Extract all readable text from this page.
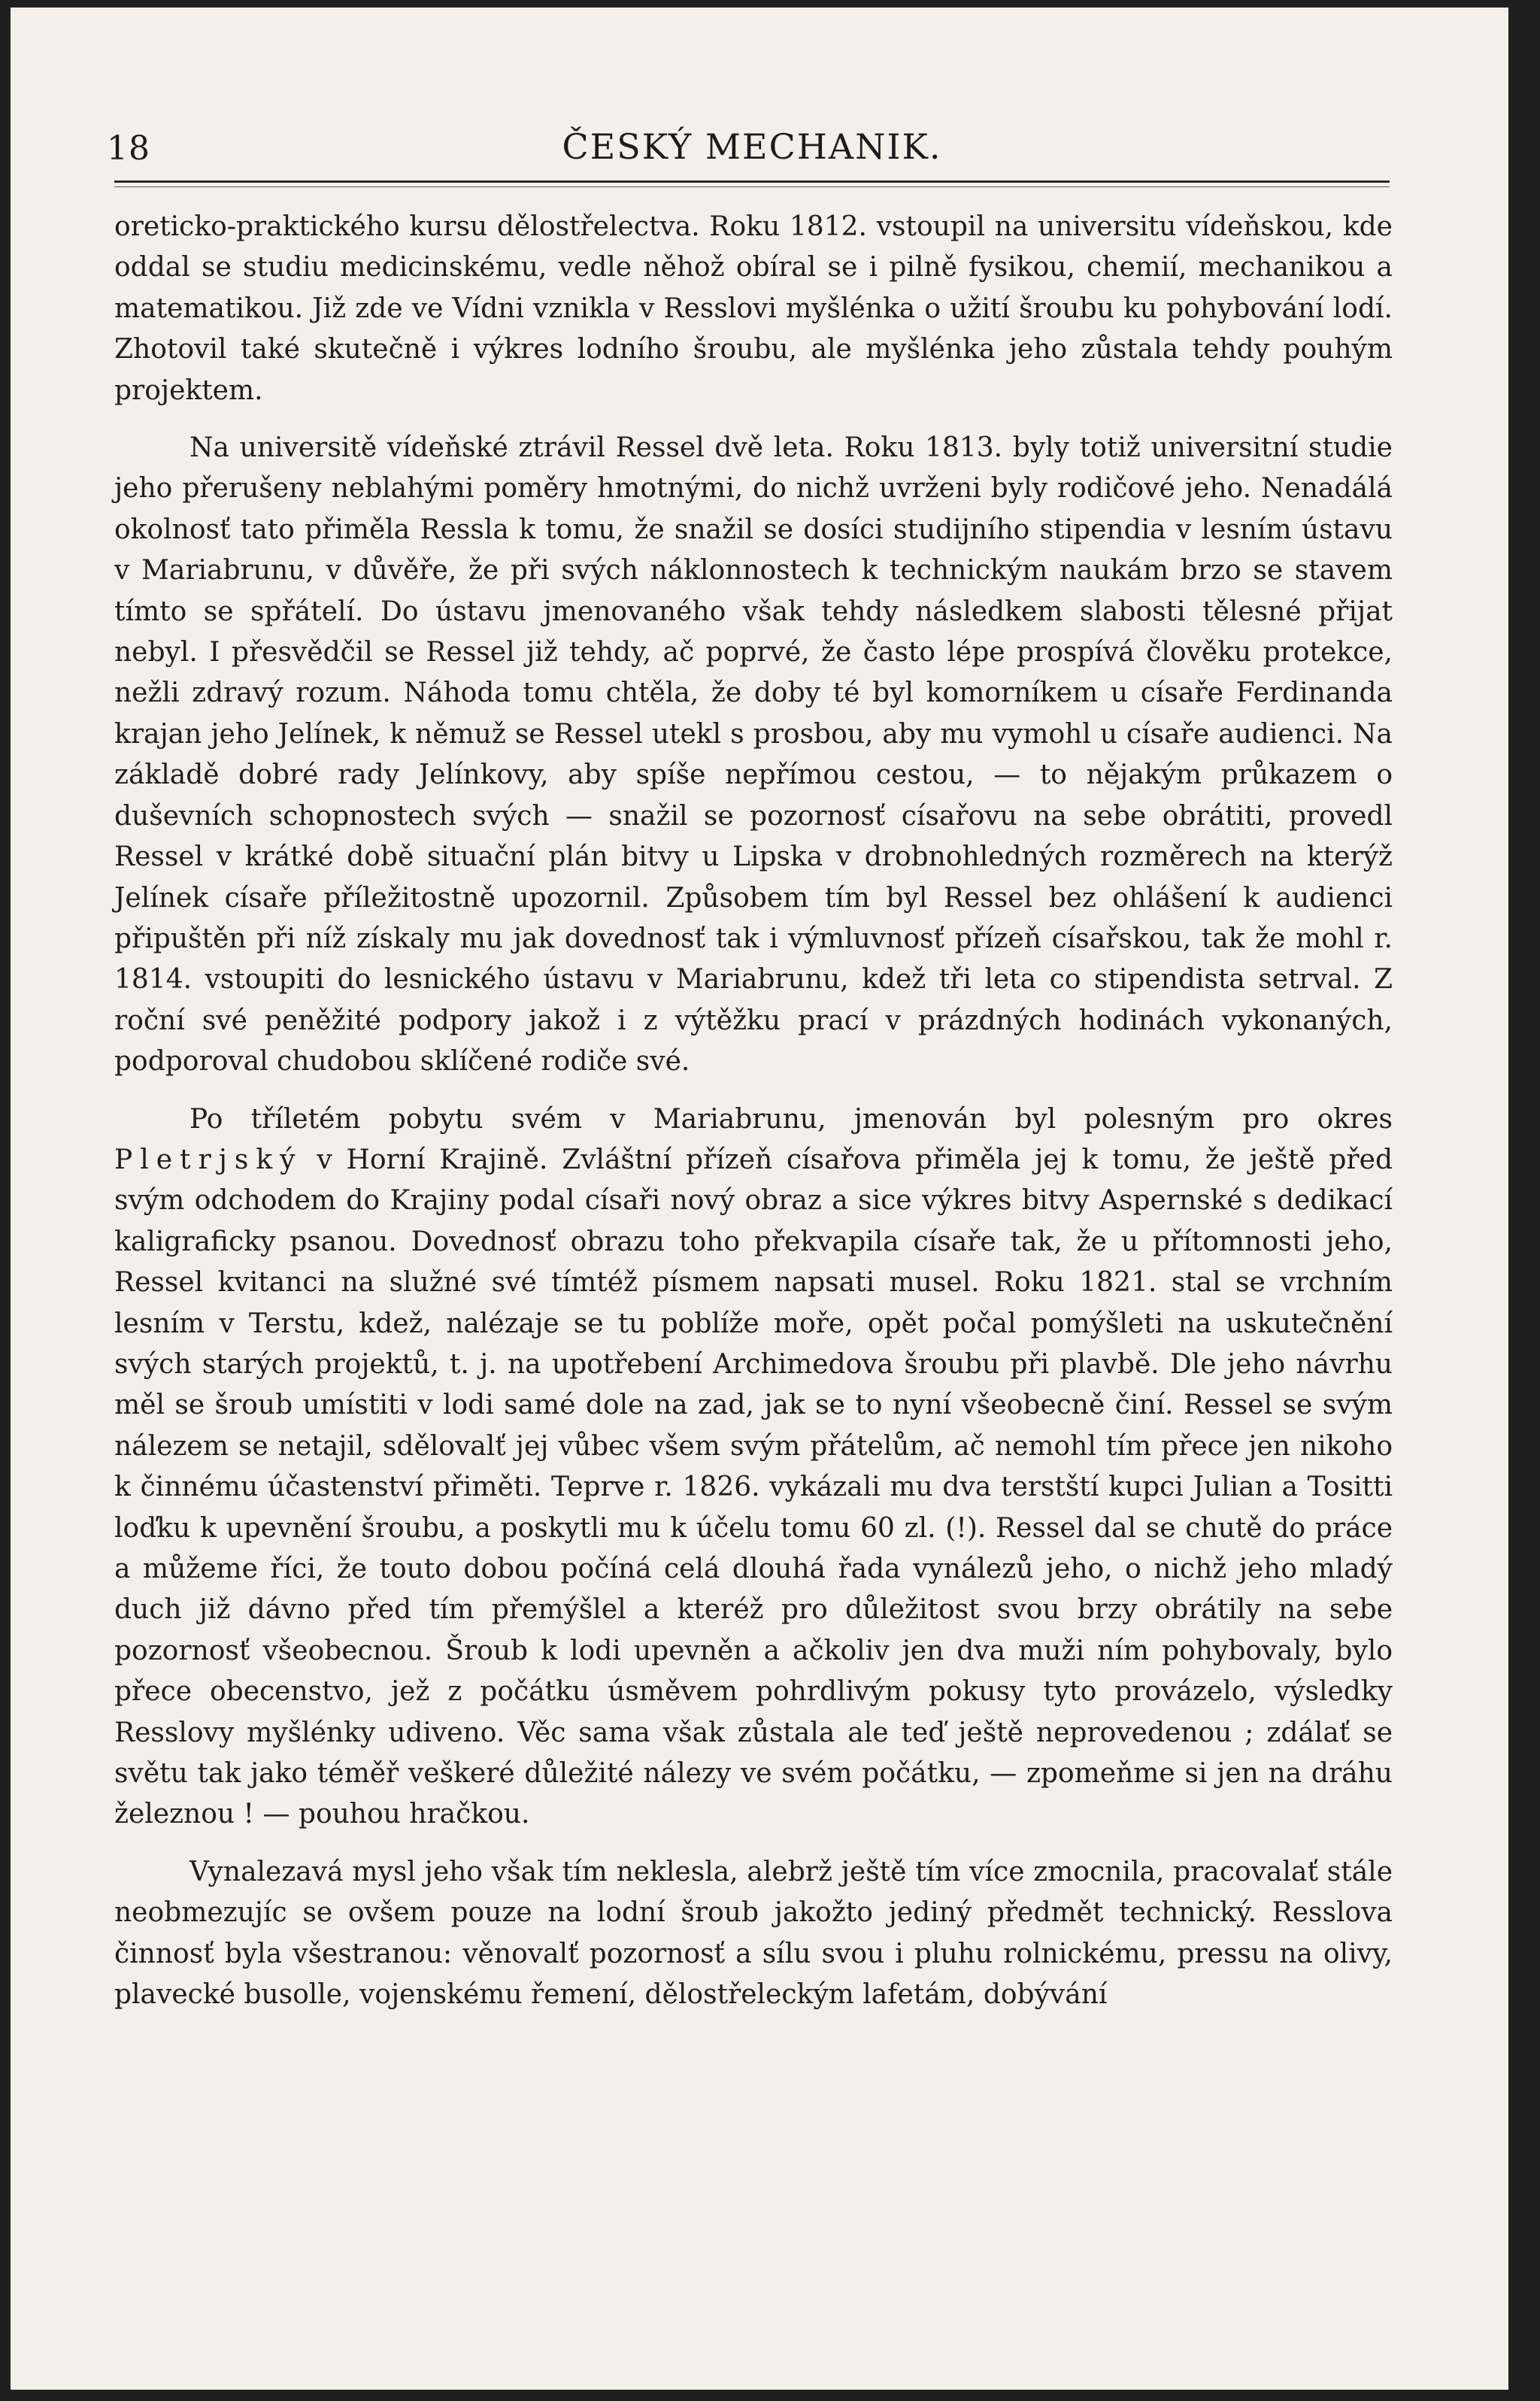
18	ČESKÝ MECHANIK.

oreticko-praktického kursu dělostřelectva. Roku 1812. vstoupil na universitu vídeňskou, kde oddal se studiu medicinskému, vedle něhož obíral se i pilně fysikou, chemií, mechanikou a matematikou. Již zde ve Vídni vznikla v Resslovi myšlénka o užití šroubu ku pohybování lodí. Zhotovil také skutečně i výkres lodního šroubu, ale myšlénka jeho zůstala tehdy pouhým projektem.

Na universitě vídeňské ztrávil Ressel dvě leta. Roku 1813. byly totiž universitní studie jeho přerušeny neblahými poměry hmotnými, do nichž uvrženi byly rodičové jeho. Nenadálá okolnosť tato přiměla Ressla k tomu, že snažil se dosíci studijního stipendia v lesním ústavu v Mariabrunu, v důvěře, že při svých náklonnostech k technickým naukám brzo se stavem tímto se spřátelí. Do ústavu jmenovaného však tehdy následkem slabosti tělesné přijat nebyl. I přesvědčil se Ressel již tehdy, ač poprvé, že často lépe prospívá člověku protekce, nežli zdravý rozum. Náhoda tomu chtěla, že doby té byl komorníkem u císaře Ferdinanda krajan jeho Jelínek, k němuž se Ressel utekl s prosbou, aby mu vymohl u císaře audienci. Na základě dobré rady Jelínkovy, aby spíše nepřímou cestou, — to nějakým průkazem o duševních schopnostech svých — snažil se pozornosť císařovu na sebe obrátiti, provedl Ressel v krátké době situační plán bitvy u Lipska v drobnohledných rozměrech na kterýž Jelínek císaře příležitostně upozornil. Způsobem tím byl Ressel bez ohlášení k audienci připuštěn při níž získaly mu jak dovednosť tak i výmluvnosť přízeň císařskou, tak že mohl r. 1814. vstoupiti do lesnického ústavu v Mariabrunu, kdež tři leta co stipendista setrval. Z roční své peněžité podpory jakož i z výtěžku prací v prázdných hodinách vykonaných, podporoval chudobou sklíčené rodiče své.

Po tříletém pobytu svém v Mariabrunu, jmenován byl polesným pro okres Pletrjský v Horní Krajině. Zvláštní přízeň císařova přiměla jej k tomu, že ještě před svým odchodem do Krajiny podal císaři nový obraz a sice výkres bitvy Aspernské s dedikací kaligraficky psanou. Dovednosť obrazu toho překvapila císaře tak, že u přítomnosti jeho, Ressel kvitanci na služné své tímtéž písmem napsati musel. Roku 1821. stal se vrchním lesním v Terstu, kdež, nalézaje se tu poblíže moře, opět počal pomýšleti na uskutečnění svých starých projektů, t. j. na upotřebení Archimedova šroubu při plavbě. Dle jeho návrhu měl se šroub umístiti v lodi samé dole na zad, jak se to nyní všeobecně činí. Ressel se svým nálezem se netajil, sdělovalť jej vůbec všem svým přátelům, ač nemohl tím přece jen nikoho k činnému účastenství přiměti. Teprve r. 1826. vykázali mu dva terstští kupci Julian a Tositti loďku k upevnění šroubu, a poskytli mu k účelu tomu 60 zl. (!). Ressel dal se chutě do práce a můžeme říci, že touto dobou počíná celá dlouhá řada vynálezů jeho, o nichž jeho mladý duch již dávno před tím přemýšlel a kteréž pro důležitost svou brzy obrátily na sebe pozornosť všeobecnou. Šroub k lodi upevněn a ačkoliv jen dva muži ním pohybovaly, bylo přece obecenstvo, jež z počátku úsměvem pohrdlivým pokusy tyto provázelo, výsledky Resslovy myšlénky udiveno. Věc sama však zůstala ale teď ještě neprovedenou ; zdálať se světu tak jako téměř veškeré důležité nálezy ve svém počátku, — zpomeňme si jen na dráhu železnou ! — pouhou hračkou.

Vynalezavá mysl jeho však tím neklesla, alebrž ještě tím více zmocnila, pracovalať stále neobmezujíc se ovšem pouze na lodní šroub jakožto jediný předmět technický. Resslova činnosť byla všestranou: věnovalť pozornosť a sílu svou i pluhu rolnickému, pressu na olivy, plavecké busolle, vojenskému řemení, dělostřeleckým lafetám, dobývání
